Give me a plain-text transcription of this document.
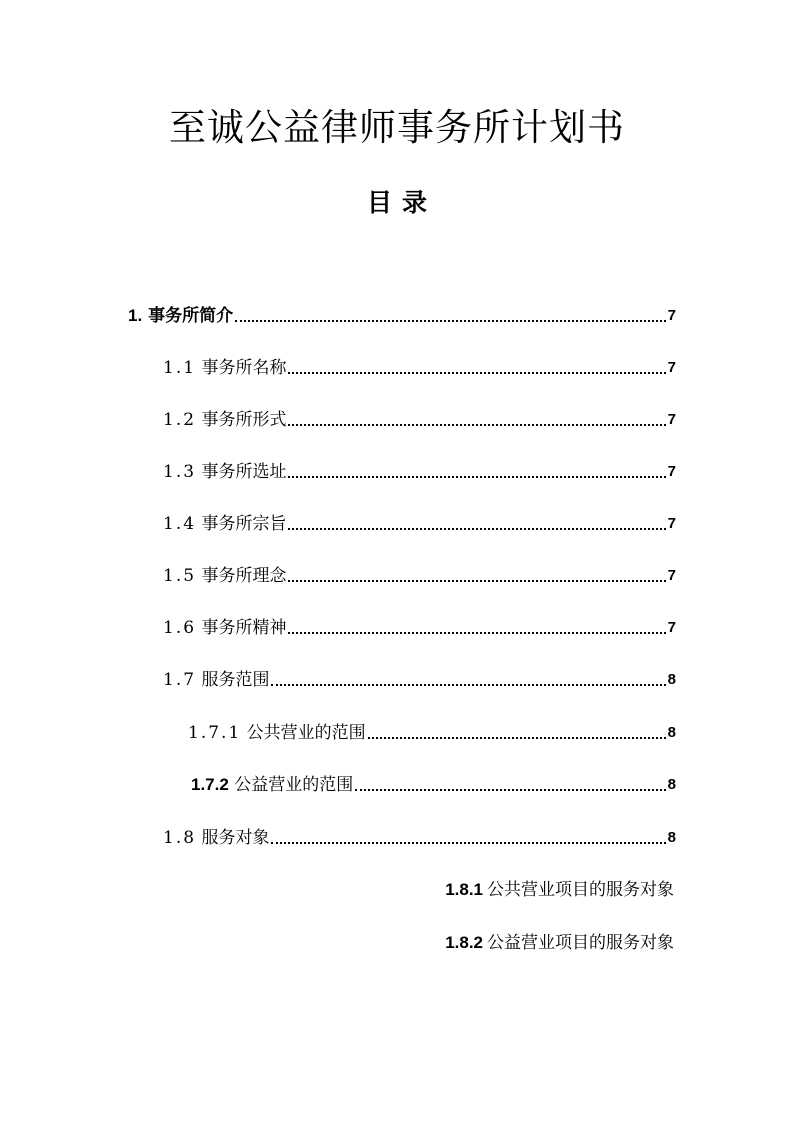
至诚公益律师事务所计划书
目录
1. 事务所简介	7
1.1 事务所名称	7
1.2 事务所形式	7
1.3 事务所选址	7
1.4 事务所宗旨	7
1.5 事务所理念	7
1.6 事务所精神	7
1.7 服务范围	8
1.7.1 公共营业的范围	8
1.7.2 公益营业的范围	8
1.8 服务对象	8
1.8.1 公共营业项目的服务对象
1.8.2 公益营业项目的服务对象
